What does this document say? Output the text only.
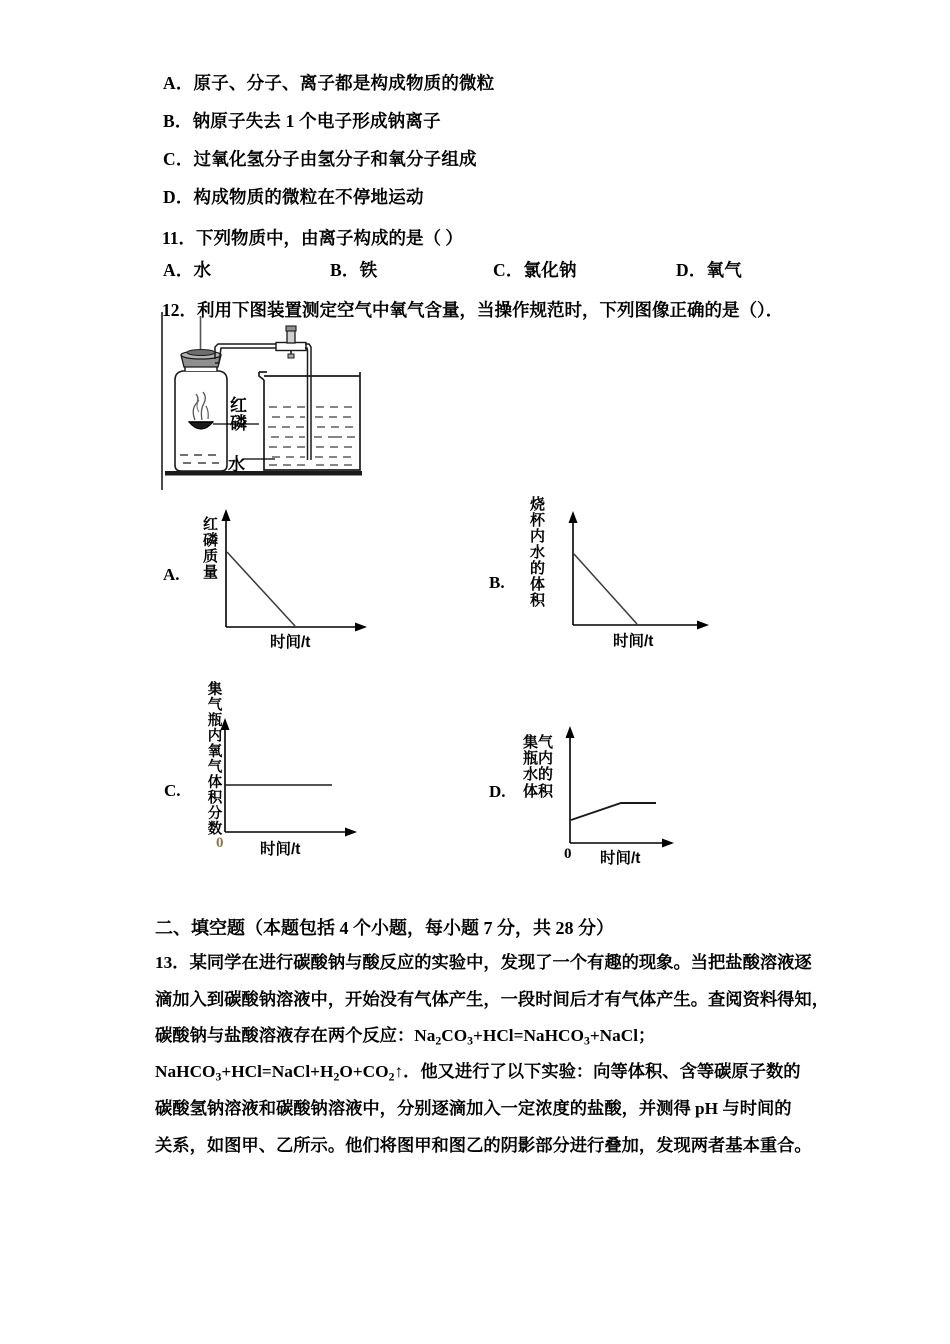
A．原子、分子、离子都是构成物质的微粒
B．钠原子失去 1 个电子形成钠离子
C．过氧化氢分子由氢分子和氧分子组成
D．构成物质的微粒在不停地运动
11．下列物质中，由离子构成的是（ ）
A．水	B．铁	C．氯化钠	D．氧气
12．利用下图装置测定空气中氧气含量，当操作规范时，下列图像正确的是（）．
红磷
水
A. 红磷质量
时间/t
B. 烧杯内水的体积
时间/t
C. 集气瓶内氧气体积分数
0 时间/t
D.
集气瓶内水的体积
0 时间/t
二、填空题（本题包括 4 个小题，每小题 7 分，共 28 分）
13．某同学在进行碳酸钠与酸反应的实验中，发现了一个有趣的现象。当把盐酸溶液逐
滴加入到碳酸钠溶液中，开始没有气体产生，一段时间后才有气体产生。查阅资料得知，
碳酸钠与盐酸溶液存在两个反应：$Na_2CO_3+HCl=NaHCO_3+NaCl$；
$NaHCO_3+HCl=NaCl+H_2O+CO_2↑$．他又进行了以下实验：向等体积、含等碳原子数的
碳酸氢钠溶液和碳酸钠溶液中，分别逐滴加入一定浓度的盐酸，并测得 pH 与时间的
关系，如图甲、乙所示。他们将图甲和图乙的阴影部分进行叠加，发现两者基本重合。
